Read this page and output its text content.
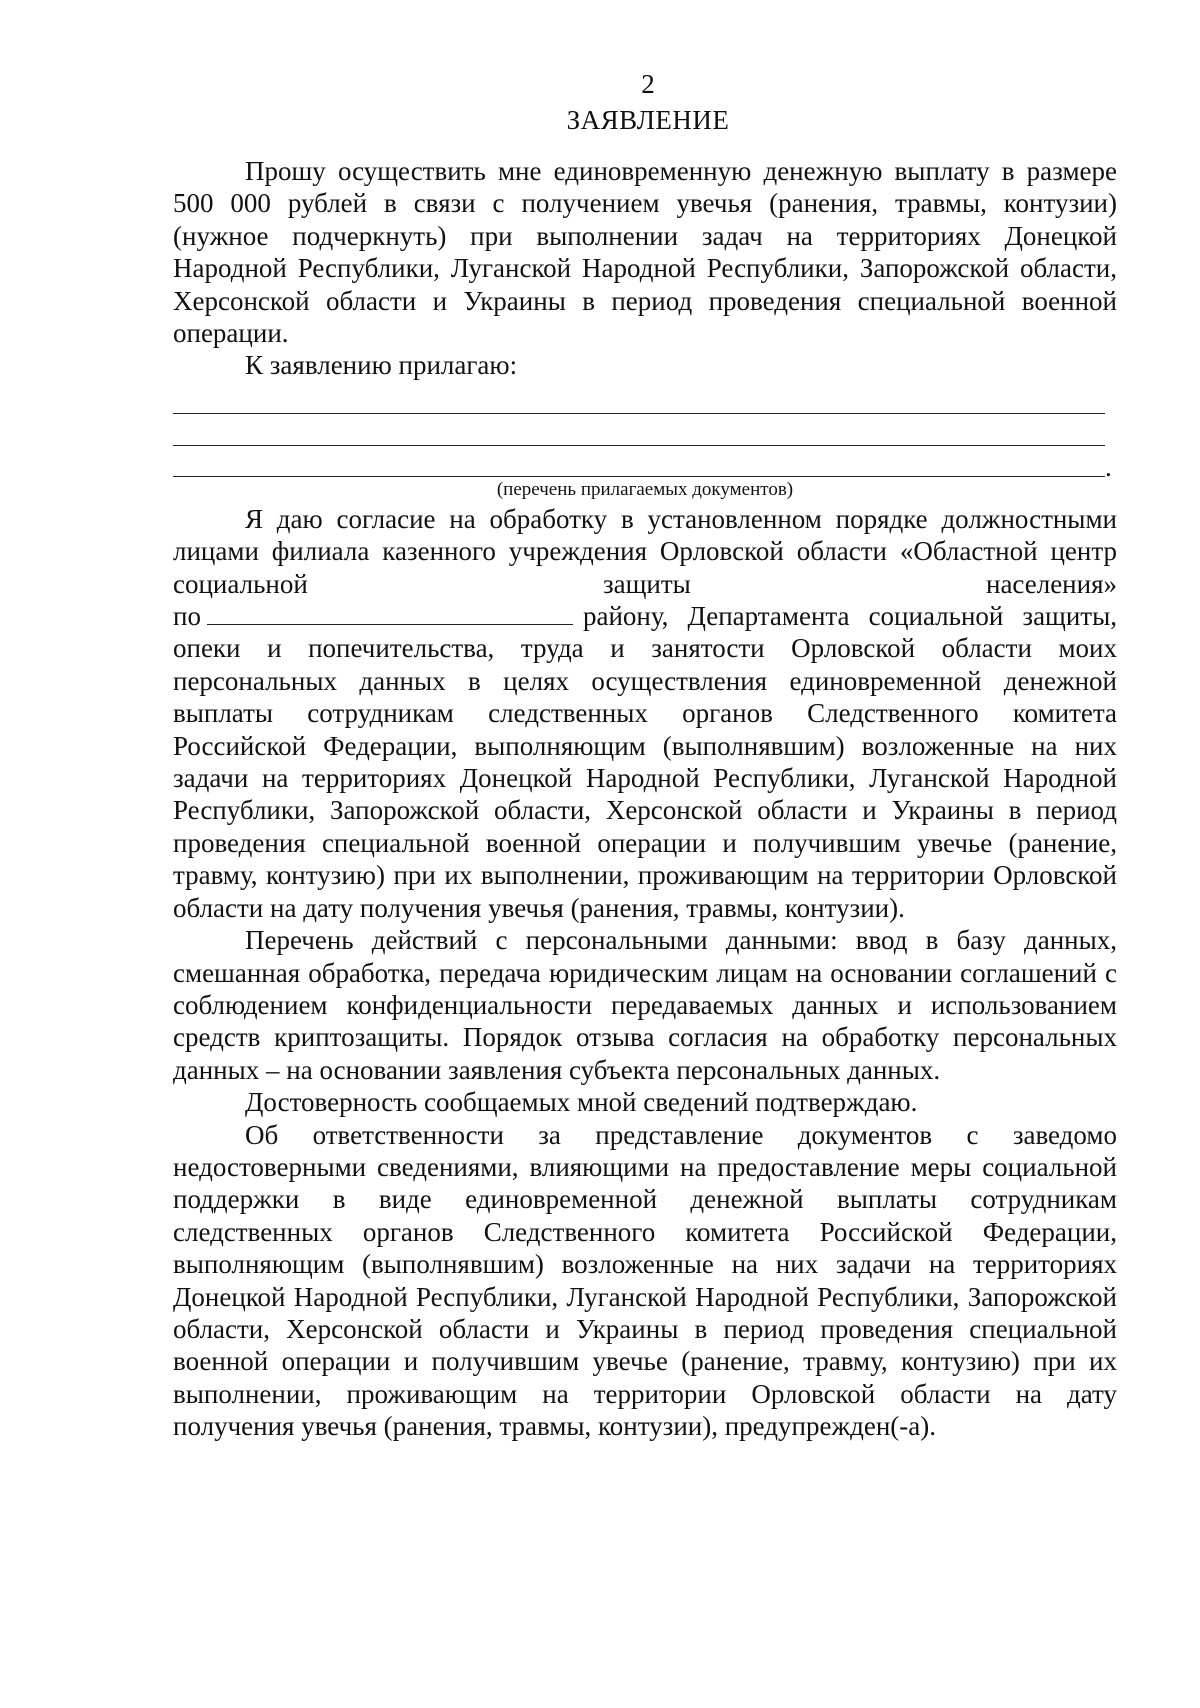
2
ЗАЯВЛЕНИЕ

Прошу осуществить мне единовременную денежную выплату в размере 500 000 рублей в связи с получением увечья (ранения, травмы, контузии) (нужное подчеркнуть) при выполнении задач на территориях Донецкой Народной Республики, Луганской Народной Республики, Запорожской области, Херсонской области и Украины в период проведения специальной военной операции.

К заявлению прилагаю:
.
(перечень прилагаемых документов)

Я даю согласие на обработку в установленном порядке должностными лицами филиала казенного учреждения Орловской области «Областной центр социальной защиты населения»

по	району, Департамента социальной защиты,

опеки и попечительства, труда и занятости Орловской области моих персональных данных в целях осуществления единовременной денежной выплаты сотрудникам следственных органов Следственного комитета Российской Федерации, выполняющим (выполнявшим) возложенные на них задачи на территориях Донецкой Народной Республики, Луганской Народной Республики, Запорожской области, Херсонской области и Украины в период проведения специальной военной операции и получившим увечье (ранение, травму, контузию) при их выполнении, проживающим на территории Орловской области на дату получения увечья (ранения, травмы, контузии).

Перечень действий с персональными данными: ввод в базу данных, смешанная обработка, передача юридическим лицам на основании соглашений с соблюдением конфиденциальности передаваемых данных и использованием средств криптозащиты. Порядок отзыва согласия на обработку персональных данных – на основании заявления субъекта персональных данных.

Достоверность сообщаемых мной сведений подтверждаю.

Об ответственности за представление документов с заведомо недостоверными сведениями, влияющими на предоставление меры социальной поддержки в виде единовременной денежной выплаты сотрудникам следственных органов Следственного комитета Российской Федерации, выполняющим (выполнявшим) возложенные на них задачи на территориях Донецкой Народной Республики, Луганской Народной Республики, Запорожской области, Херсонской области и Украины в период проведения специальной военной операции и получившим увечье (ранение, травму, контузию) при их выполнении, проживающим на территории Орловской области на дату получения увечья (ранения, травмы, контузии), предупрежден(-а).
